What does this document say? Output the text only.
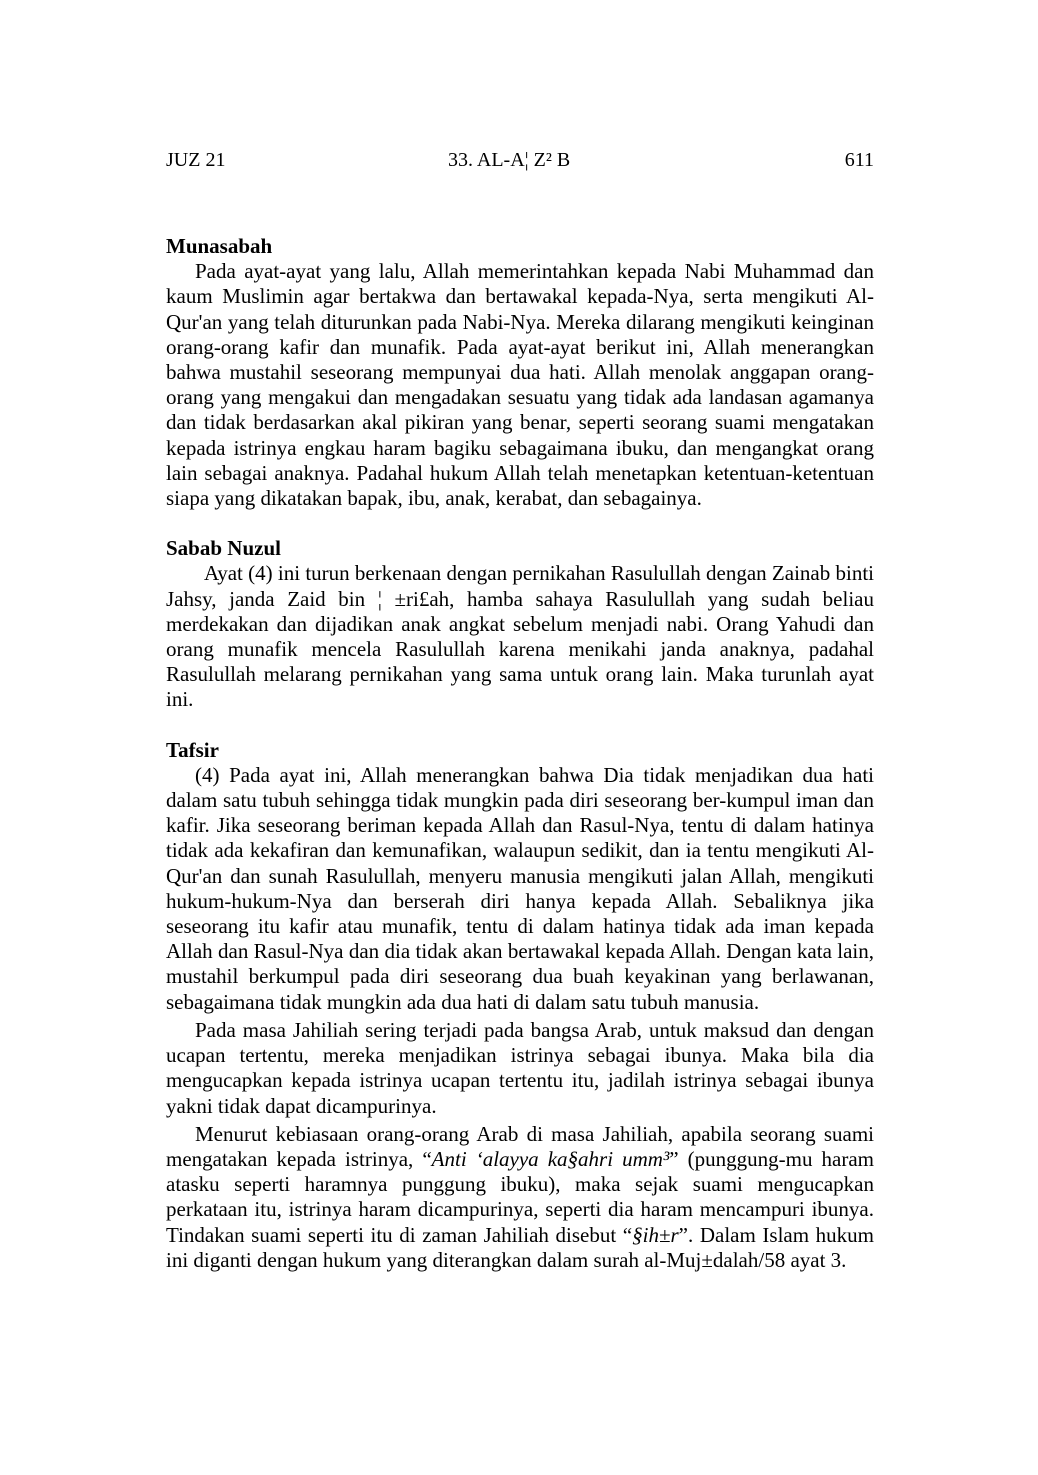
JUZ 21	33. AL-A¦ Z² B	611

Munasabah

Pada ayat-ayat yang lalu, Allah memerintahkan kepada Nabi Muhammad dan kaum Muslimin agar bertakwa dan bertawakal kepada-Nya, serta mengikuti Al-Qur'an yang telah diturunkan pada Nabi-Nya. Mereka dilarang mengikuti keinginan orang-orang kafir dan munafik. Pada ayat-ayat berikut ini, Allah menerangkan bahwa mustahil seseorang mempunyai dua hati. Allah menolak anggapan orang-orang yang mengakui dan mengadakan sesuatu yang tidak ada landasan agamanya dan tidak berdasarkan akal pikiran yang benar, seperti seorang suami mengatakan kepada istrinya engkau haram bagiku sebagaimana ibuku, dan mengangkat orang lain sebagai anaknya. Padahal hukum Allah telah menetapkan ketentuan-ketentuan siapa yang dikatakan bapak, ibu, anak, kerabat, dan sebagainya.

Sabab Nuzul

Ayat (4) ini turun berkenaan dengan pernikahan Rasulullah dengan Zainab binti Jahsy, janda Zaid bin ¦ ±ri£ah, hamba sahaya Rasulullah yang sudah beliau merdekakan dan dijadikan anak angkat sebelum menjadi nabi. Orang Yahudi dan orang munafik mencela Rasulullah karena menikahi janda anaknya, padahal Rasulullah melarang pernikahan yang sama untuk orang lain. Maka turunlah ayat ini.

Tafsir

(4) Pada ayat ini, Allah menerangkan bahwa Dia tidak menjadikan dua hati dalam satu tubuh sehingga tidak mungkin pada diri seseorang ber-kumpul iman dan kafir. Jika seseorang beriman kepada Allah dan Rasul-Nya, tentu di dalam hatinya tidak ada kekafiran dan kemunafikan, walaupun sedikit, dan ia tentu mengikuti Al-Qur'an dan sunah Rasulullah, menyeru manusia mengikuti jalan Allah, mengikuti hukum-hukum-Nya dan berserah diri hanya kepada Allah. Sebaliknya jika seseorang itu kafir atau munafik, tentu di dalam hatinya tidak ada iman kepada Allah dan Rasul-Nya dan dia tidak akan bertawakal kepada Allah. Dengan kata lain, mustahil berkumpul pada diri seseorang dua buah keyakinan yang berlawanan, sebagaimana tidak mungkin ada dua hati di dalam satu tubuh manusia.

Pada masa Jahiliah sering terjadi pada bangsa Arab, untuk maksud dan dengan ucapan tertentu, mereka menjadikan istrinya sebagai ibunya. Maka bila dia mengucapkan kepada istrinya ucapan tertentu itu, jadilah istrinya sebagai ibunya yakni tidak dapat dicampurinya.

Menurut kebiasaan orang-orang Arab di masa Jahiliah, apabila seorang suami mengatakan kepada istrinya, “Anti ‘alayya ka§ahri umm³” (punggung-mu haram atasku seperti haramnya punggung ibuku), maka sejak suami mengucapkan perkataan itu, istrinya haram dicampurinya, seperti dia haram mencampuri ibunya. Tindakan suami seperti itu di zaman Jahiliah disebut “§ih±r”. Dalam Islam hukum ini diganti dengan hukum yang diterangkan dalam surah al-Muj±dalah/58 ayat 3.
